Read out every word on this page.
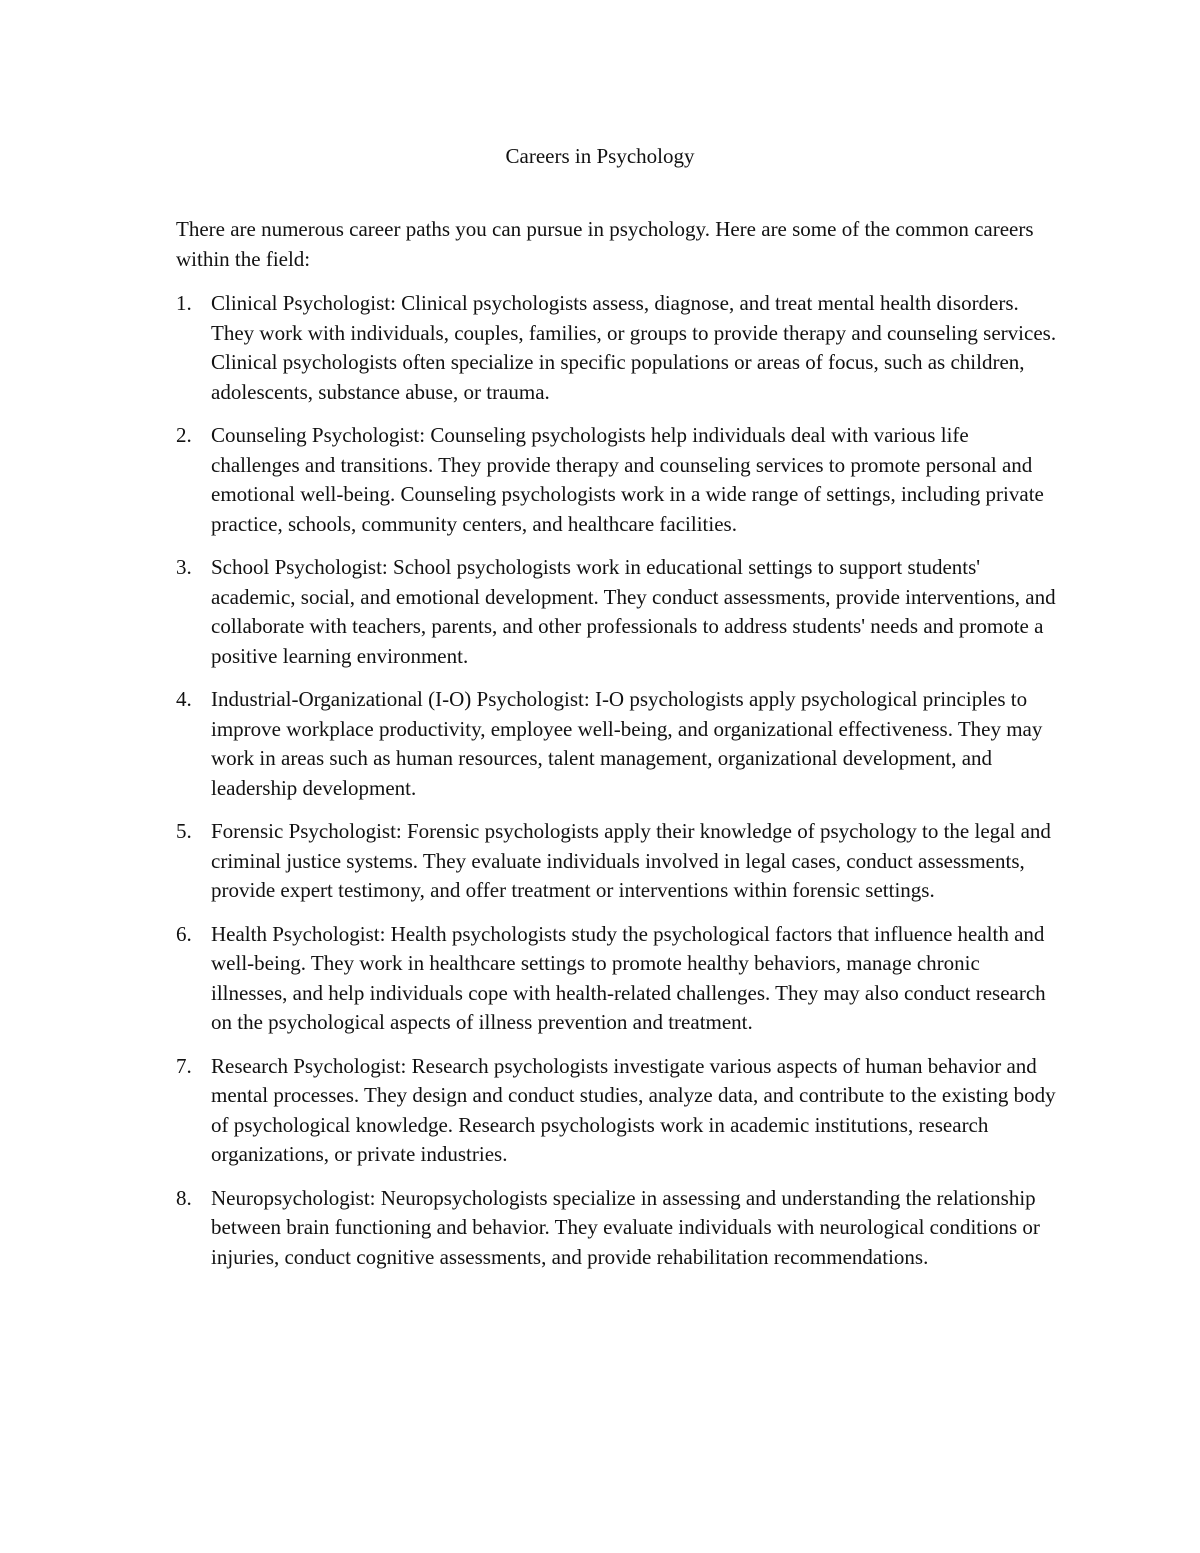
Careers in Psychology

There are numerous career paths you can pursue in psychology. Here are some of the common careers within the field:

1. Clinical Psychologist: Clinical psychologists assess, diagnose, and treat mental health disorders. They work with individuals, couples, families, or groups to provide therapy and counseling services. Clinical psychologists often specialize in specific populations or areas of focus, such as children, adolescents, substance abuse, or trauma.
2. Counseling Psychologist: Counseling psychologists help individuals deal with various life challenges and transitions. They provide therapy and counseling services to promote personal and emotional well-being. Counseling psychologists work in a wide range of settings, including private practice, schools, community centers, and healthcare facilities.
3. School Psychologist: School psychologists work in educational settings to support students' academic, social, and emotional development. They conduct assessments, provide interventions, and collaborate with teachers, parents, and other professionals to address students' needs and promote a positive learning environment.
4. Industrial-Organizational (I-O) Psychologist: I-O psychologists apply psychological principles to improve workplace productivity, employee well-being, and organizational effectiveness. They may work in areas such as human resources, talent management, organizational development, and leadership development.
5. Forensic Psychologist: Forensic psychologists apply their knowledge of psychology to the legal and criminal justice systems. They evaluate individuals involved in legal cases, conduct assessments, provide expert testimony, and offer treatment or interventions within forensic settings.
6. Health Psychologist: Health psychologists study the psychological factors that influence health and well-being. They work in healthcare settings to promote healthy behaviors, manage chronic illnesses, and help individuals cope with health-related challenges. They may also conduct research on the psychological aspects of illness prevention and treatment.
7. Research Psychologist: Research psychologists investigate various aspects of human behavior and mental processes. They design and conduct studies, analyze data, and contribute to the existing body of psychological knowledge. Research psychologists work in academic institutions, research organizations, or private industries.
8. Neuropsychologist: Neuropsychologists specialize in assessing and understanding the relationship between brain functioning and behavior. They evaluate individuals with neurological conditions or injuries, conduct cognitive assessments, and provide rehabilitation recommendations.
